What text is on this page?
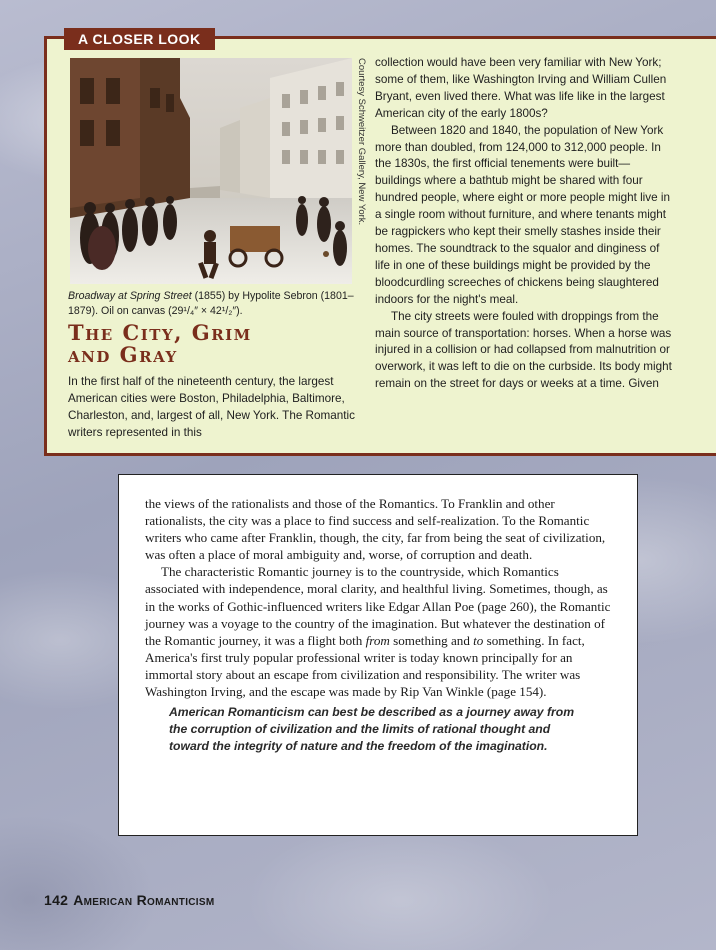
A CLOSER LOOK
Courtesy Schweitzer Gallery, New York.
Broadway at Spring Street (1855) by Hypolite Sebron (1801–1879). Oil on canvas (29¹/₄″ × 42¹/₂″).
The City, Grim
and Gray
In the first half of the nineteenth century, the largest American cities were Boston, Philadelphia, Baltimore, Charleston, and, largest of all, New York. The Romantic writers represented in this

collection would have been very familiar with New York; some of them, like Washington Irving and William Cullen Bryant, even lived there. What was life like in the largest American city of the early 1800s?

Between 1820 and 1840, the population of New York more than doubled, from 124,000 to 312,000 people. In the 1830s, the first official tenements were built—buildings where a bathtub might be shared with four hundred people, where eight or more people might live in a single room without furniture, and where tenants might be ragpickers who kept their smelly stashes inside their homes. The soundtrack to the squalor and dinginess of life in one of these buildings might be provided by the bloodcurdling screeches of chickens being slaughtered indoors for the night's meal.

The city streets were fouled with droppings from the main source of transportation: horses. When a horse was injured in a collision or had collapsed from malnutrition or overwork, it was left to die on the curbside. Its body might remain on the street for days or weeks at a time. Given

the views of the rationalists and those of the Romantics. To Franklin and other rationalists, the city was a place to find success and self-realization. To the Romantic writers who came after Franklin, though, the city, far from being the seat of civilization, was often a place of moral ambiguity and, worse, of corruption and death.

The characteristic Romantic journey is to the countryside, which Romantics associated with independence, moral clarity, and healthful living. Sometimes, though, as in the works of Gothic-influenced writers like Edgar Allan Poe (page 260), the Romantic journey was a voyage to the country of the imagination. But whatever the destination of the Romantic journey, it was a flight both from something and to something. In fact, America's first truly popular professional writer is today known principally for an immortal story about an escape from civilization and responsibility. The writer was Washington Irving, and the escape was made by Rip Van Winkle (page 154).

American Romanticism can best be described as a journey away from the corruption of civilization and the limits of rational thought and toward the integrity of nature and the freedom of the imagination.

142 American Romanticism
